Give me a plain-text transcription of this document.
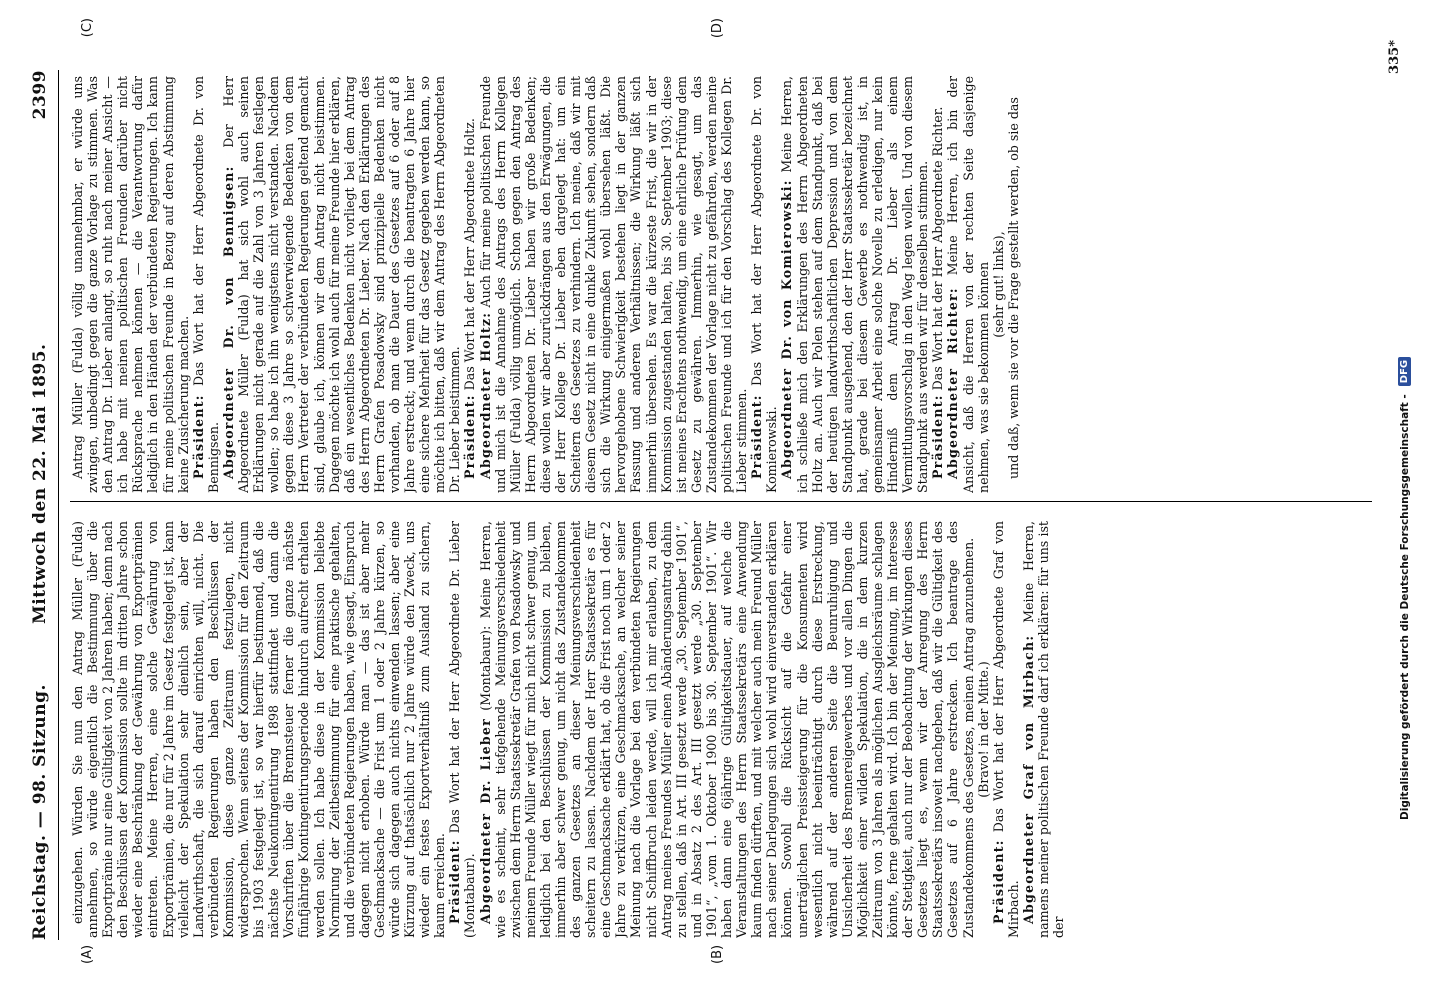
Reichstag. — 98. Sitzung.
Mittwoch den 22. Mai 1895.
2399
(A)	(B)
(C)	(D)

einzugehen. Würden Sie nun den Antrag Müller (Fulda) annehmen, so würde eigentlich die Bestimmung über die Exportprämie nur eine Gültigkeit von 2 Jahren haben; denn nach den Beschlüssen der Kommission sollte im dritten Jahre schon wieder eine Beschränkung der Gewährung von Exportprämien eintreten. Meine Herren, eine solche Gewährung von Exportprämien, die nur für 2 Jahre im Gesetz festgelegt ist, kann vielleicht der Spekulation sehr dienlich sein, aber der Landwirthschaft, die sich darauf einrichten will, nicht. Die verbündeten Regierungen haben den Beschlüssen der Kommission, diese ganze Zeitraum festzulegen, nicht widersprochen. Wenn seitens der Kommission für den Zeitraum bis 1903 festgelegt ist, so war hierfür bestimmend, daß die nächste Neukontingentirung 1898 stattfindet und dann die Vorschriften über die Brennsteuer ferner die ganze nächste fünfjährige Kontingentirungsperiode hindurch aufrecht erhalten werden sollen. Ich habe diese in der Kommission beliebte Normirung der Zeitbestimmung für eine praktische gehalten, und die verbündeten Regierungen haben, wie gesagt, Einspruch dagegen nicht erhoben. Würde man — das ist aber mehr Geschmacksache — die Frist um 1 oder 2 Jahre kürzen, so würde sich dagegen auch nichts einwenden lassen; aber eine Kürzung auf thatsächlich nur 2 Jahre würde den Zweck, uns wieder ein festes Exportverhältniß zum Ausland zu sichern, kaum erreichen. Präsident: Das Wort hat der Herr Abgeordnete Dr. Lieber (Montabaur). Abgeordneter Dr. Lieber (Montabaur): Meine Herren, wie es scheint, sehr tiefgehende Meinungsverschiedenheit zwischen dem Herrn Staatssekretär Grafen von Posadowsky und meinem Freunde Müller wiegt für mich nicht schwer genug, um lediglich bei den Beschlüssen der Kommission zu bleiben, immerhin aber schwer genug, um nicht das Zustandekommen des ganzen Gesetzes an dieser Meinungsverschiedenheit scheitern zu lassen. Nachdem der Herr Staatssekretär es für eine Geschmacksache erklärt hat, ob die Frist noch um 1 oder 2 Jahre zu verkürzen, eine Geschmacksache, an welcher seiner Meinung nach die Vorlage bei den verbündeten Regierungen nicht Schiffbruch leiden werde, will ich mir erlauben, zu dem Antrag meines Freundes Müller einen Abänderungsantrag dahin zu stellen, daß in Art. III gesetzt werde „30. September 1901“, und in Absatz 2 des Art. III gesetzt werde „30. September 1901“, „vom 1. Oktober 1900 bis 30. September 1901“. Wir haben dann eine 6jährige Gültigkeitsdauer, auf welche die Veranstaltungen des Herrn Staatssekretärs eine Anwendung kaum finden dürften, und mit welcher auch mein Freund Müller nach seiner Darlegungen sich wohl wird einverstanden erklären können. Sowohl die Rücksicht auf die Gefahr einer unerträglichen Preissteigerung für die Konsumenten wird wesentlich nicht beeinträchtigt durch diese Erstreckung, während auf der anderen Seite die Beunruhigung und Unsicherheit des Brennereigewerbes und vor allen Dingen die Möglichkeit einer wilden Spekulation, die in dem kurzen Zeitraum von 3 Jahren als möglichen Ausgleichsräume schlagen könnte, ferne gehalten wird. Ich bin der Meinung, im Interesse der Stetigkeit, auch nur der Beobachtung der Wirkungen dieses Gesetzes liegt es, wenn wir der Anregung des Herrn Staatssekretärs insoweit nachgeben, daß wir die Gültigkeit des Gesetzes auf 6 Jahre erstrecken. Ich beantrage des Zustandekommens des Gesetzes, meinen Antrag anzunehmen. (Bravo! in der Mitte.)

Präsident: Das Wort hat der Herr Abgeordnete Graf von Mirbach. Abgeordneter Graf von Mirbach: Meine Herren, namens meiner politischen Freunde darf ich erklären: für uns ist der

Antrag Müller (Fulda) völlig unannehmbar, er würde uns zwingen, unbedingt gegen die ganze Vorlage zu stimmen. Was den Antrag Dr. Lieber anlangt, so ruht nach meiner Ansicht — ich habe mit meinen politischen Freunden darüber nicht Rücksprache nehmen können — die Verantwortung dafür lediglich in den Händen der verbündeten Regierungen. Ich kann für meine politischen Freunde in Bezug auf deren Abstimmung keine Zusicherung machen. Präsident: Das Wort hat der Herr Abgeordnete Dr. von Bennigsen. Abgeordneter Dr. von Bennigsen: Der Herr Abgeordnete Müller (Fulda) hat sich wohl auch seinen Erklärungen nicht gerade auf die Zahl von 3 Jahren festlegen wollen; so habe ich ihn wenigstens nicht verstanden. Nachdem gegen diese 3 Jahre so schwerwiegende Bedenken von dem Herrn Vertreter der verbündeten Regierungen geltend gemacht sind, glaube ich, können wir dem Antrag nicht beistimmen. Dagegen möchte ich wohl auch für meine Freunde hier erklären, daß ein wesentliches Bedenken nicht vorliegt bei dem Antrag des Herrn Abgeordneten Dr. Lieber. Nach den Erklärungen des Herrn Grafen Posadowsky sind prinzipielle Bedenken nicht vorhanden, ob man die Dauer des Gesetzes auf 6 oder auf 8 Jahre erstreckt; und wenn durch die beantragten 6 Jahre hier eine sichere Mehrheit für das Gesetz gegeben werden kann, so möchte ich bitten, daß wir dem Antrag des Herrn Abgeordneten Dr. Lieber beistimmen. Präsident: Das Wort hat der Herr Abgeordnete Holtz.

Abgeordneter Holtz: Auch für meine politischen Freunde und mich ist die Annahme des Antrags des Herrn Kollegen Müller (Fulda) völlig unmöglich. Schon gegen den Antrag des Herrn Abgeordneten Dr. Lieber haben wir große Bedenken; diese wollen wir aber zurückdrängen aus den Erwägungen, die der Herr Kollege Dr. Lieber eben dargelegt hat: um ein Scheitern des Gesetzes zu verhindern. Ich meine, daß wir mit diesem Gesetz nicht in eine dunkle Zukunft sehen, sondern daß sich die Wirkung einigermaßen wohl übersehen läßt. Die hervorgehobene Schwierigkeit bestehen liegt in der ganzen Fassung und anderen Verhältnissen; die Wirkung läßt sich immerhin übersehen. Es war die kürzeste Frist, die wir in der Kommission zugestanden halten, bis 30. September 1903; diese ist meines Erachtens nothwendig, um eine ehrliche Prüfung dem Gesetz zu gewähren. Immerhin, wie gesagt, um das Zustandekommen der Vorlage nicht zu gefährden, werden meine politischen Freunde und ich für den Vorschlag des Kollegen Dr. Lieber stimmen. Präsident: Das Wort hat der Herr Abgeordnete Dr. von Komierowski. Abgeordneter Dr. von Komierowski: Meine Herren, ich schließe mich den Erklärungen des Herrn Abgeordneten Holtz an. Auch wir Polen stehen auf dem Standpunkt, daß bei der heutigen landwirthschaftlichen Depression und von dem Standpunkt ausgehend, den der Herr Staatssekretär bezeichnet hat, gerade bei diesem Gewerbe es nothwendig ist, in gemeinsamer Arbeit eine solche Novelle zu erledigen, nur kein Hinderniß dem Antrag Dr. Lieber als einem Vermittlungsvorschlag in den Weg legen wollen. Und von diesem Standpunkt aus werden wir für denselben stimmen. Präsident: Das Wort hat der Herr Abgeordnete Richter. Abgeordneter Richter: Meine Herren, ich bin der Ansicht, daß die Herren von der rechten Seite dasjenige nehmen, was sie bekommen können (sehr gut! links), und daß, wenn sie vor die Frage gestellt werden, ob sie das

335*
Digitalisierung gefördert durch die Deutsche Forschungsgemeinschaft -
DFG
